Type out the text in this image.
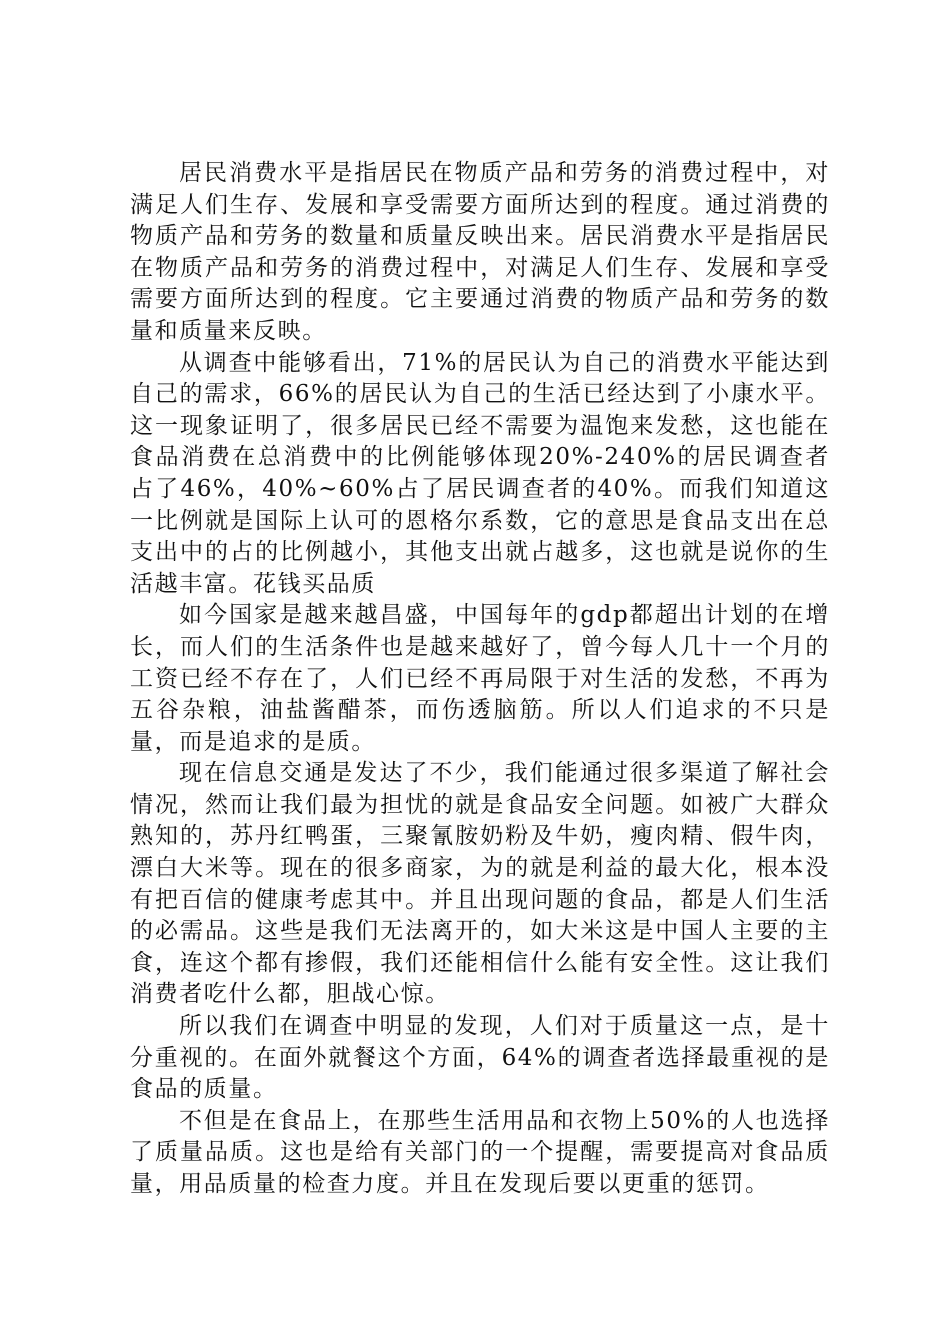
居民消费水平是指居民在物质产品和劳务的消费过程中，对满足人们生存、发展和享受需要方面所达到的程度。通过消费的物质产品和劳务的数量和质量反映出来。居民消费水平是指居民在物质产品和劳务的消费过程中，对满足人们生存、发展和享受需要方面所达到的程度。它主要通过消费的物质产品和劳务的数量和质量来反映。

从调查中能够看出，71%的居民认为自己的消费水平能达到自己的需求，66%的居民认为自己的生活已经达到了小康水平。这一现象证明了，很多居民已经不需要为温饱来发愁，这也能在食品消费在总消费中的比例能够体现20%-240%的居民调查者占了46%，40%~60%占了居民调查者的40%。而我们知道这一比例就是国际上认可的恩格尔系数，它的意思是食品支出在总支出中的占的比例越小，其他支出就占越多，这也就是说你的生活越丰富。花钱买品质

如今国家是越来越昌盛，中国每年的gdp都超出计划的在增长，而人们的生活条件也是越来越好了，曾今每人几十一个月的工资已经不存在了，人们已经不再局限于对生活的发愁，不再为五谷杂粮，油盐酱醋茶，而伤透脑筋。所以人们追求的不只是量，而是追求的是质。

现在信息交通是发达了不少，我们能通过很多渠道了解社会情况，然而让我们最为担忧的就是食品安全问题。如被广大群众熟知的，苏丹红鸭蛋，三聚氰胺奶粉及牛奶，瘦肉精、假牛肉，漂白大米等。现在的很多商家，为的就是利益的最大化，根本没有把百信的健康考虑其中。并且出现问题的食品，都是人们生活的必需品。这些是我们无法离开的，如大米这是中国人主要的主食，连这个都有掺假，我们还能相信什么能有安全性。这让我们消费者吃什么都，胆战心惊。

所以我们在调查中明显的发现，人们对于质量这一点，是十分重视的。在面外就餐这个方面，64%的调查者选择最重视的是食品的质量。

不但是在食品上，在那些生活用品和衣物上50%的人也选择了质量品质。这也是给有关部门的一个提醒，需要提高对食品质量，用品质量的检查力度。并且在发现后要以更重的惩罚。
